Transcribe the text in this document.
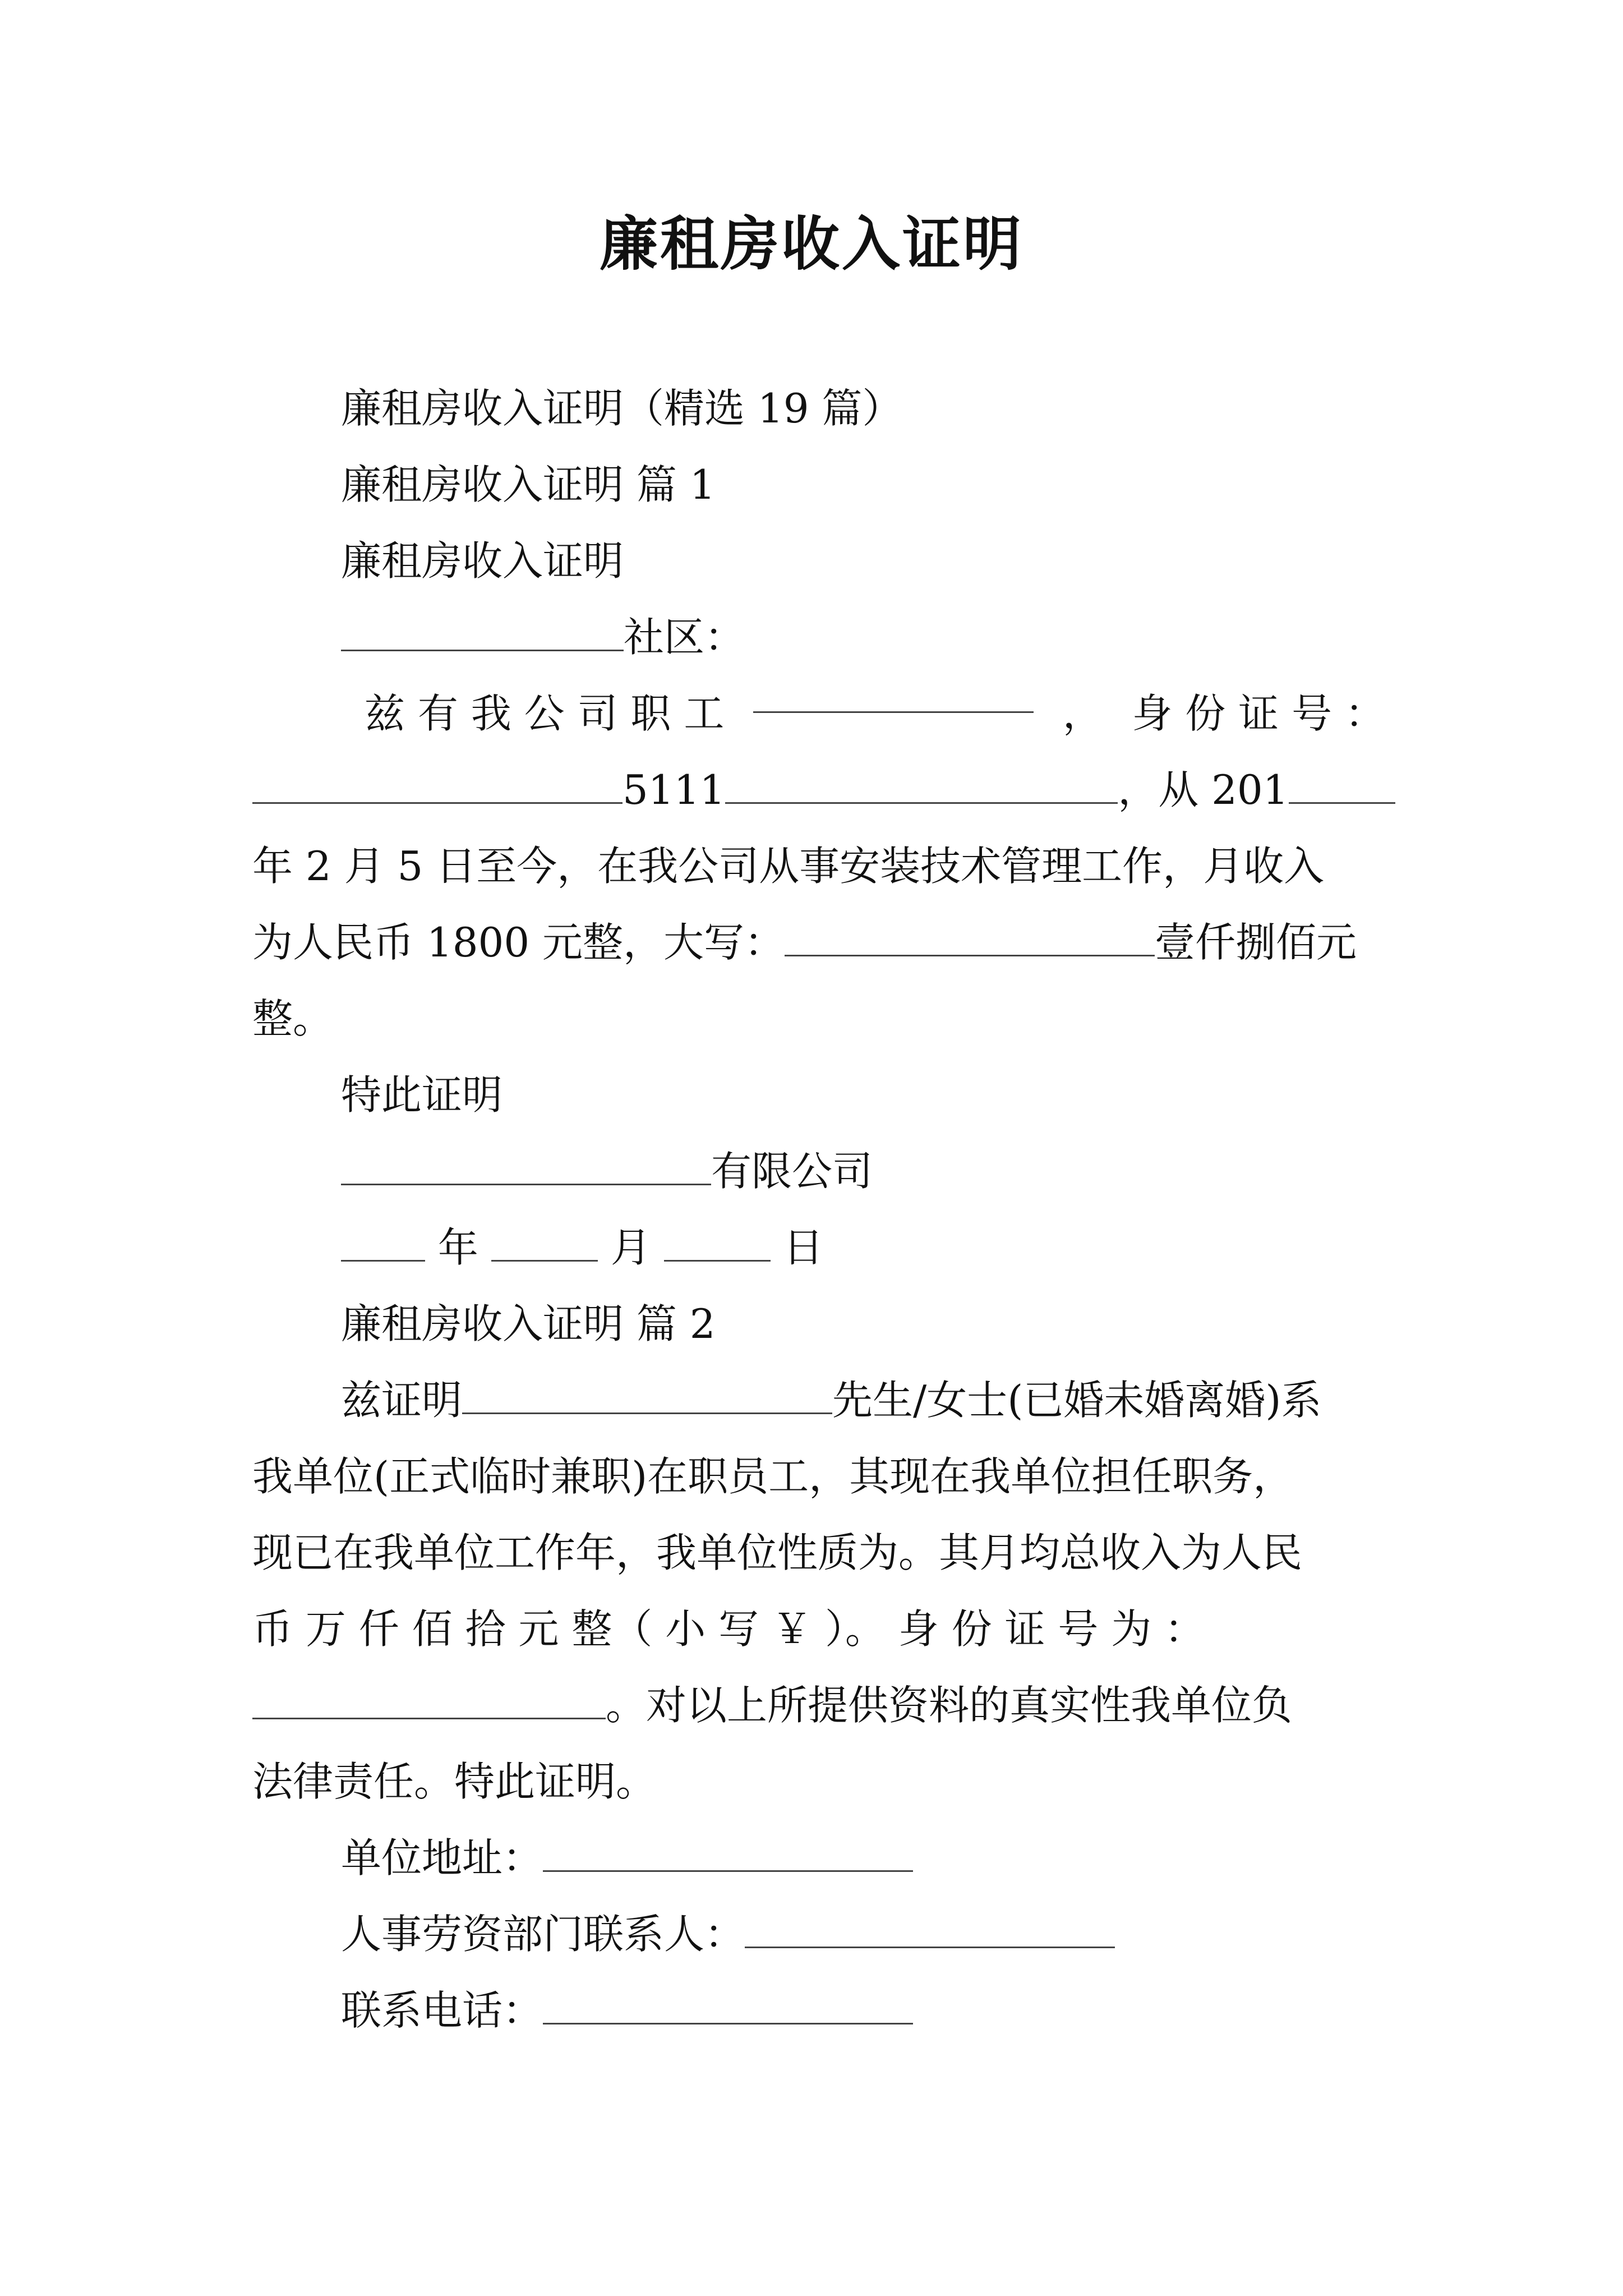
廉租房收入证明
廉租房收入证明（精选 19 篇）
廉租房收入证明 篇 1
廉租房收入证明
社区：
兹 有 我 公 司 职 工	， 身 份 证 号 ：
5111	，从 201
年 2 月 5 日至今，在我公司从事安装技术管理工作，月收入
为人民币 1800 元整，大写：	壹仟捌佰元
整。
特此证明
有限公司
年	月	日
廉租房收入证明 篇 2
兹证明	先生/女士(已婚未婚离婚)系
我单位(正式临时兼职)在职员工，其现在我单位担任职务，
现已在我单位工作年，我单位性质为。其月均总收入为人民
币 万 仟 佰 拾 元 整（ 小 写 ￥ ）。 身 份 证 号 为 ：
。对以上所提供资料的真实性我单位负
法律责任。特此证明。
单位地址：
人事劳资部门联系人：
联系电话：
